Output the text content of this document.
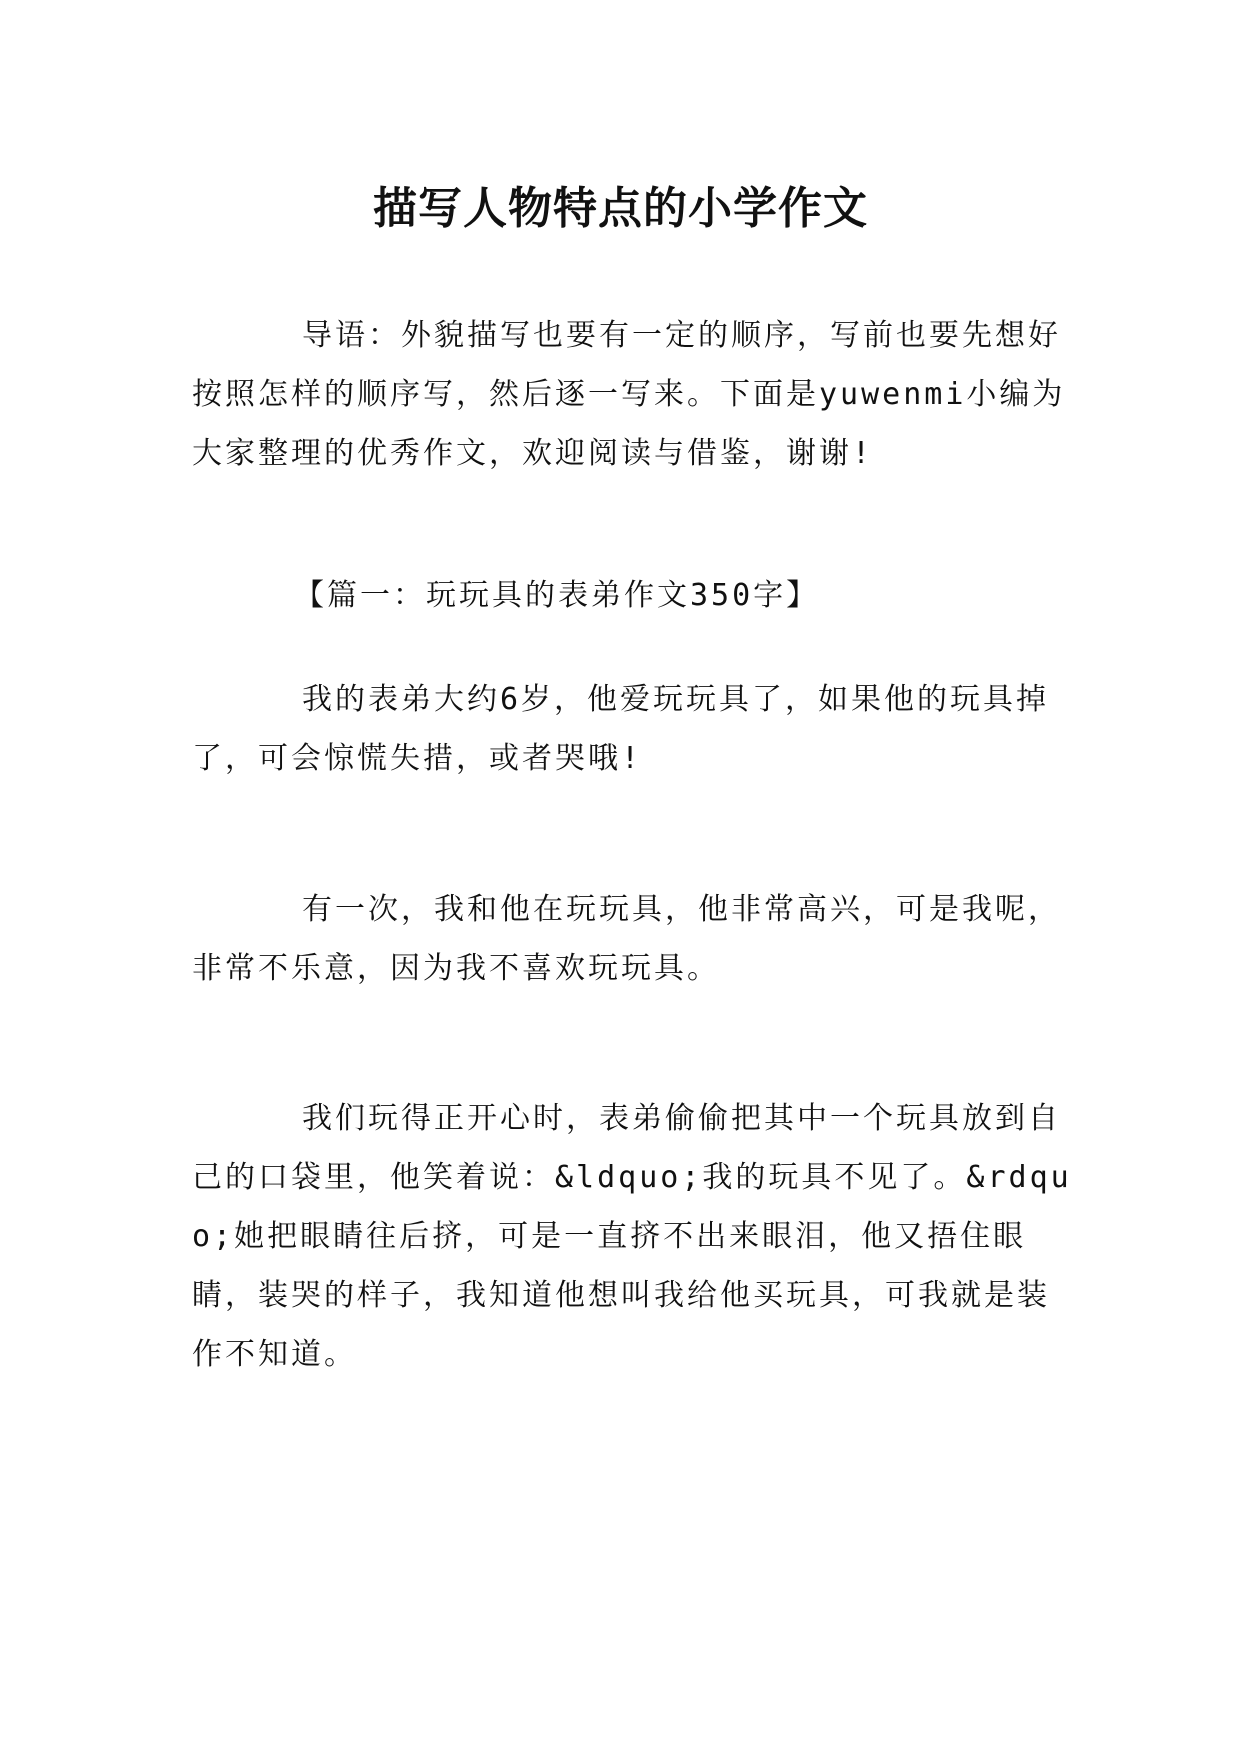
描写人物特点的小学作文

导语：外貌描写也要有一定的顺序，写前也要先想好按照怎样的顺序写，然后逐一写来。下面是yuwenmi小编为大家整理的优秀作文，欢迎阅读与借鉴，谢谢!

【篇一：玩玩具的表弟作文350字】

我的表弟大约6岁，他爱玩玩具了，如果他的玩具掉了，可会惊慌失措，或者哭哦!

有一次，我和他在玩玩具，他非常高兴，可是我呢，非常不乐意，因为我不喜欢玩玩具。

我们玩得正开心时，表弟偷偷把其中一个玩具放到自己的口袋里，他笑着说：&ldquo;我的玩具不见了。&rdquo;她把眼睛往后挤，可是一直挤不出来眼泪，他又捂住眼睛，装哭的样子，我知道他想叫我给他买玩具，可我就是装作不知道。
